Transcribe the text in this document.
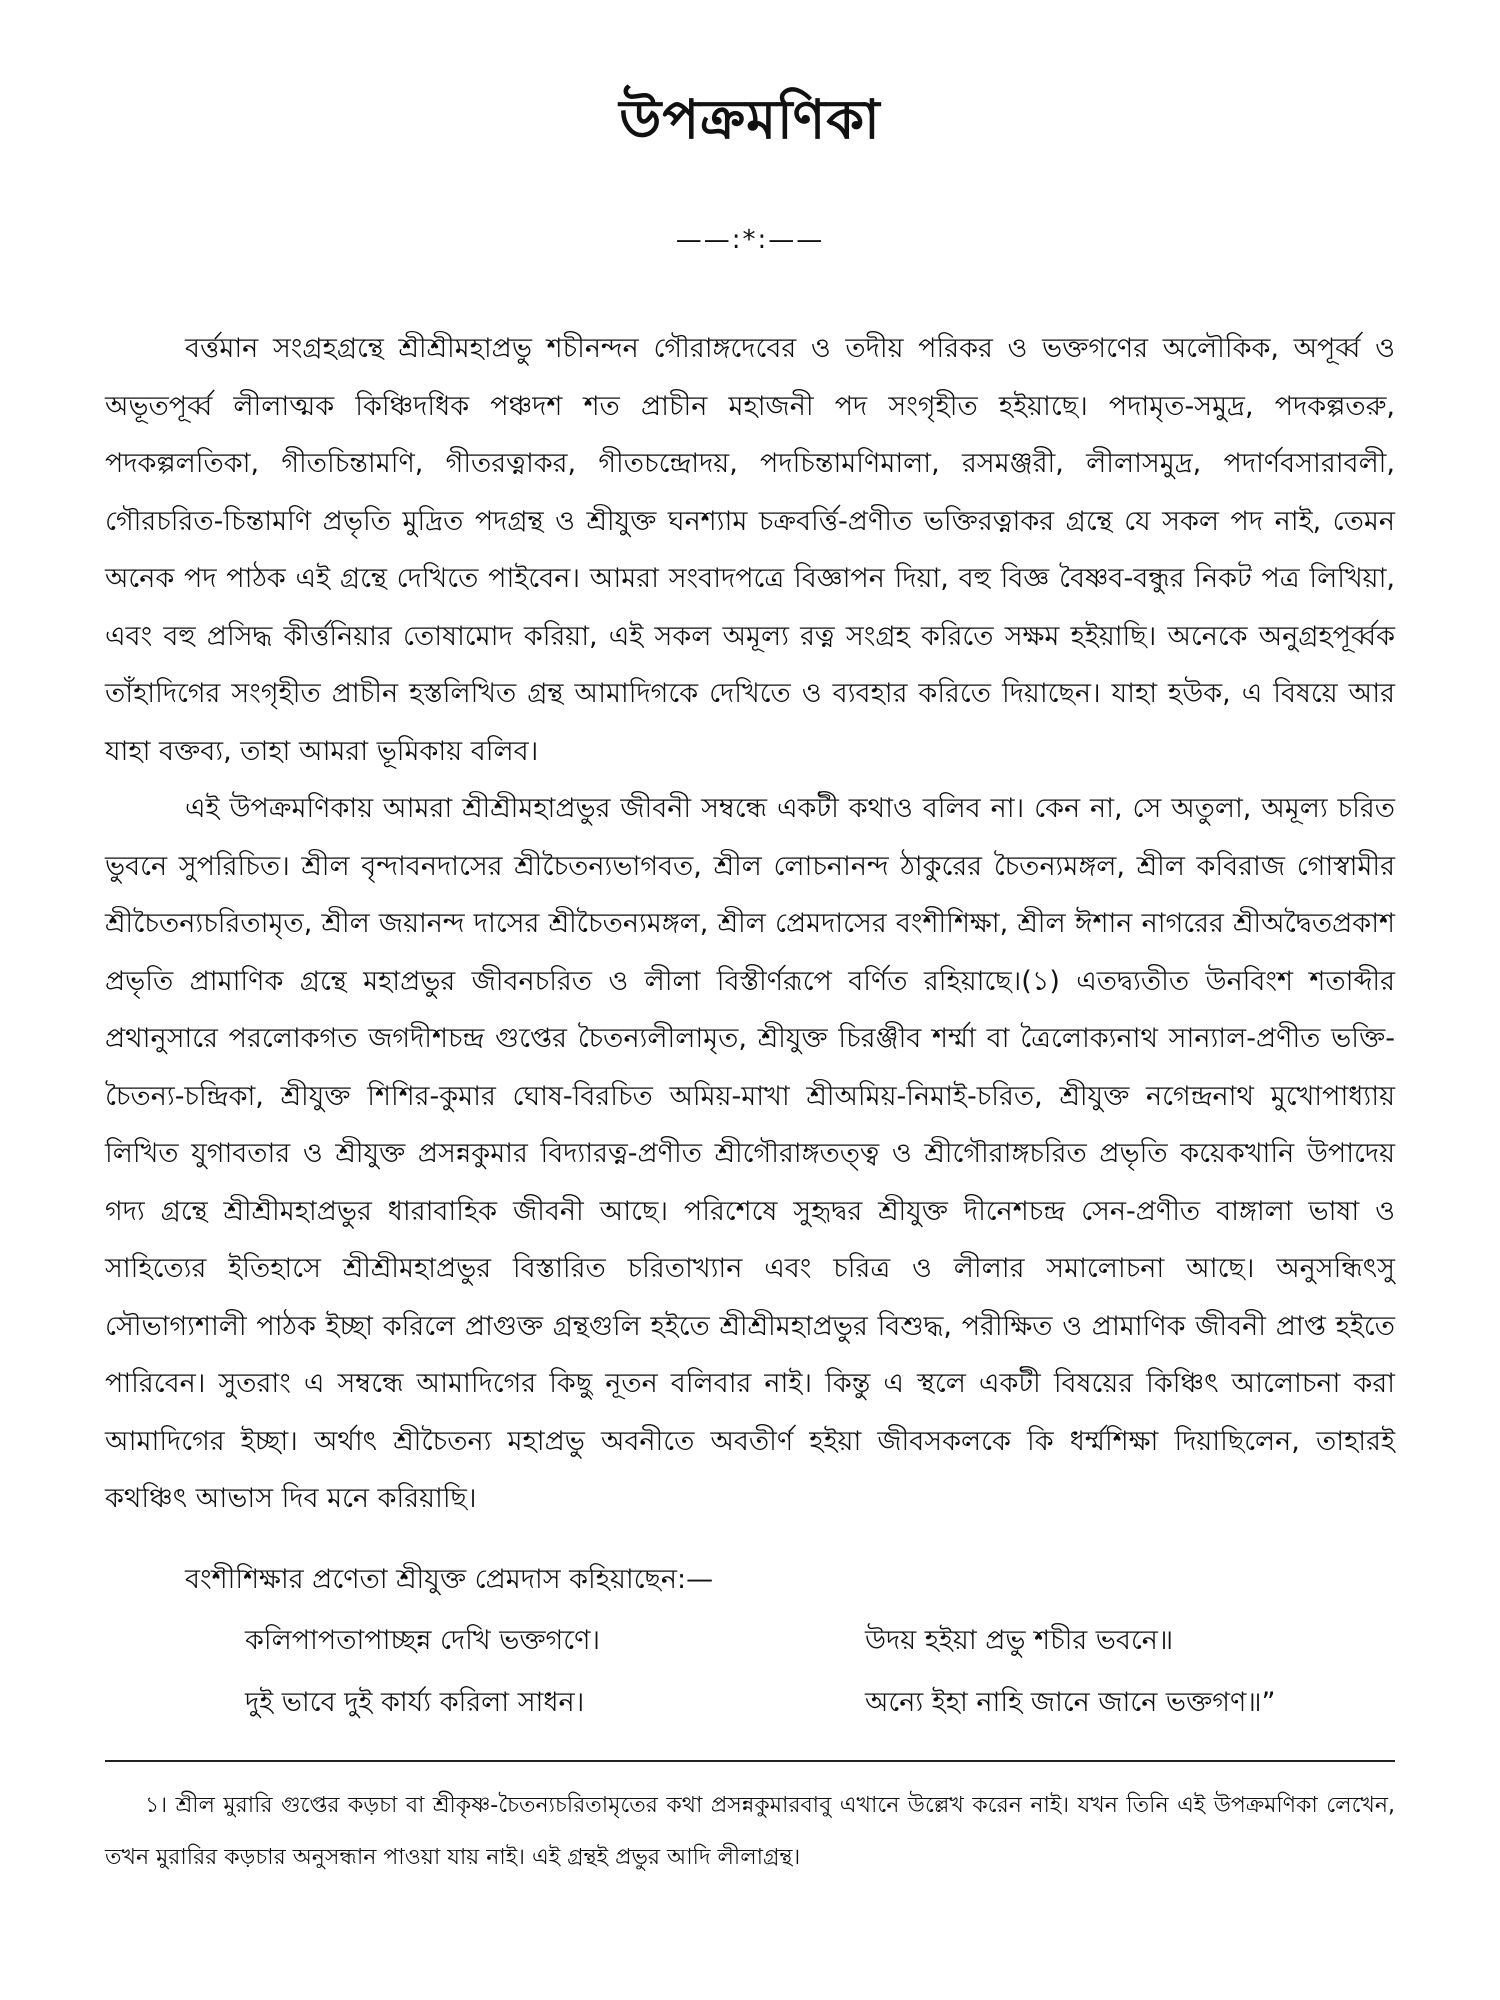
উপক্রমণিকা
——:*:——

বর্ত্তমান সংগ্রহগ্রন্থে শ্রীশ্রীমহাপ্রভু শচীনন্দন গৌরাঙ্গদেবের ও তদীয় পরিকর ও ভক্তগণের অলৌকিক, অপূর্ব্ব ও অভূতপূর্ব্ব লীলাত্মক কিঞ্চিদধিক পঞ্চদশ শত প্রাচীন মহাজনী পদ সংগৃহীত হইয়াছে। পদামৃত-সমুদ্র, পদকল্পতরু, পদকল্পলতিকা, গীতচিন্তামণি, গীতরত্নাকর, গীতচন্দ্রোদয়, পদচিন্তামণিমালা, রসমঞ্জরী, লীলাসমুদ্র, পদার্ণবসারাবলী, গৌরচরিত-চিন্তামণি প্রভৃতি মুদ্রিত পদগ্রন্থ ও শ্রীযুক্ত ঘনশ্যাম চক্রবর্ত্তি-প্রণীত ভক্তিরত্নাকর গ্রন্থে যে সকল পদ নাই, তেমন অনেক পদ পাঠক এই গ্রন্থে দেখিতে পাইবেন। আমরা সংবাদপত্রে বিজ্ঞাপন দিয়া, বহু বিজ্ঞ বৈষ্ণব-বন্ধুর নিকট পত্র লিখিয়া, এবং বহু প্রসিদ্ধ কীর্ত্তনিয়ার তোষামোদ করিয়া, এই সকল অমূল্য রত্ন সংগ্রহ করিতে সক্ষম হইয়াছি। অনেকে অনুগ্রহপূর্ব্বক তাঁহাদিগের সংগৃহীত প্রাচীন হস্তলিখিত গ্রন্থ আমাদিগকে দেখিতে ও ব্যবহার করিতে দিয়াছেন। যাহা হউক, এ বিষয়ে আর যাহা বক্তব্য, তাহা আমরা ভূমিকায় বলিব।

এই উপক্রমণিকায় আমরা শ্রীশ্রীমহাপ্রভুর জীবনী সম্বন্ধে একটী কথাও বলিব না। কেন না, সে অতুলা, অমূল্য চরিত ভুবনে সুপরিচিত। শ্রীল বৃন্দাবনদাসের শ্রীচৈতন্যভাগবত, শ্রীল লোচনানন্দ ঠাকুরের চৈতন্যমঙ্গল, শ্রীল কবিরাজ গোস্বামীর শ্রীচৈতন্যচরিতামৃত, শ্রীল জয়ানন্দ দাসের শ্রীচৈতন্যমঙ্গল, শ্রীল প্রেমদাসের বংশীশিক্ষা, শ্রীল ঈশান নাগরের শ্রীঅদ্বৈতপ্রকাশ প্রভৃতি প্রামাণিক গ্রন্থে মহাপ্রভুর জীবনচরিত ও লীলা বিস্তীর্ণরূপে বর্ণিত রহিয়াছে।(১) এতদ্ব্যতীত উনবিংশ শতাব্দীর প্রথানুসারে পরলোকগত জগদীশচন্দ্র গুপ্তের চৈতন্যলীলামৃত, শ্রীযুক্ত চিরঞ্জীব শর্ম্মা বা ত্রৈলোক্যনাথ সান্যাল-প্রণীত ভক্তি-চৈতন্য-চন্দ্রিকা, শ্রীযুক্ত শিশির-কুমার ঘোষ-বিরচিত অমিয়-মাখা শ্রীঅমিয়-নিমাই-চরিত, শ্রীযুক্ত নগেন্দ্রনাথ মুখোপাধ্যায় লিখিত যুগাবতার ও শ্রীযুক্ত প্রসন্নকুমার বিদ্যারত্ন-প্রণীত শ্রীগৌরাঙ্গতত্ত্ব ও শ্রীগৌরাঙ্গচরিত প্রভৃতি কয়েকখানি উপাদেয় গদ্য গ্রন্থে শ্রীশ্রীমহাপ্রভুর ধারাবাহিক জীবনী আছে। পরিশেষে সুহৃদ্বর শ্রীযুক্ত দীনেশচন্দ্র সেন-প্রণীত বাঙ্গালা ভাষা ও সাহিত্যের ইতিহাসে শ্রীশ্রীমহাপ্রভুর বিস্তারিত চরিতাখ্যান এবং চরিত্র ও লীলার সমালোচনা আছে। অনুসন্ধিৎসু সৌভাগ্যশালী পাঠক ইচ্ছা করিলে প্রাগুক্ত গ্রন্থগুলি হইতে শ্রীশ্রীমহাপ্রভুর বিশুদ্ধ, পরীক্ষিত ও প্রামাণিক জীবনী প্রাপ্ত হইতে পারিবেন। সুতরাং এ সম্বন্ধে আমাদিগের কিছু নূতন বলিবার নাই। কিন্তু এ স্থলে একটী বিষয়ের কিঞ্চিৎ আলোচনা করা আমাদিগের ইচ্ছা। অর্থাৎ শ্রীচৈতন্য মহাপ্রভু অবনীতে অবতীর্ণ হইয়া জীবসকলকে কি ধর্ম্মশিক্ষা দিয়াছিলেন, তাহারই কথঞ্চিৎ আভাস দিব মনে করিয়াছি।

বংশীশিক্ষার প্রণেতা শ্রীযুক্ত প্রেমদাস কহিয়াছেন:—

কলিপাপতাপাচ্ছন্ন দেখি ভক্তগণে।	উদয় হইয়া প্রভু শচীর ভবনে॥
দুই ভাবে দুই কার্য্য করিলা সাধন।	অন্যে ইহা নাহি জানে জানে ভক্তগণ॥”

১। শ্রীল মুরারি গুপ্তের কড়চা বা শ্রীকৃষ্ণ-চৈতন্যচরিতামৃতের কথা প্রসন্নকুমারবাবু এখানে উল্লেখ করেন নাই। যখন তিনি এই উপক্রমণিকা লেখেন, তখন মুরারির কড়চার অনুসন্ধান পাওয়া যায় নাই। এই গ্রন্থই প্রভুর আদি লীলাগ্রন্থ।
